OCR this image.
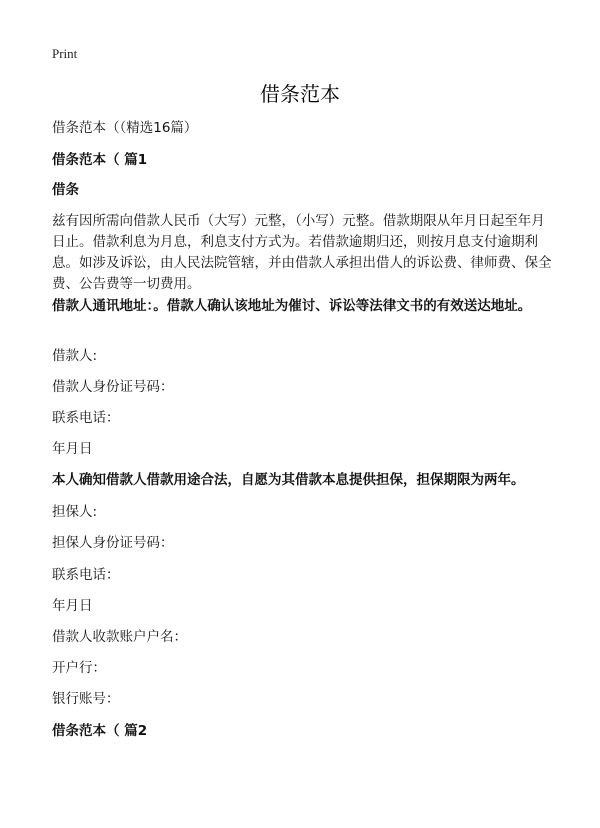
Print
借条范本

借条范本（（精选16篇）

借条范本（ 篇1

借条

兹有因所需向借款人民币（大写）元整，（小写）元整。借款期限从年月日起至年月日止。借款利息为月息，利息支付方式为。若借款逾期归还，则按月息支付逾期利息。如涉及诉讼，由人民法院管辖，并由借款人承担出借人的诉讼费、律师费、保全费、公告费等一切费用。

借款人通讯地址：。借款人确认该地址为催讨、诉讼等法律文书的有效送达地址。

借款人:

借款人身份证号码：

联系电话：

年月日

本人确知借款人借款用途合法，自愿为其借款本息提供担保，担保期限为两年。

担保人:

担保人身份证号码：

联系电话：

年月日

借款人收款账户户名：

开户行：

银行账号：

借条范本（ 篇2
